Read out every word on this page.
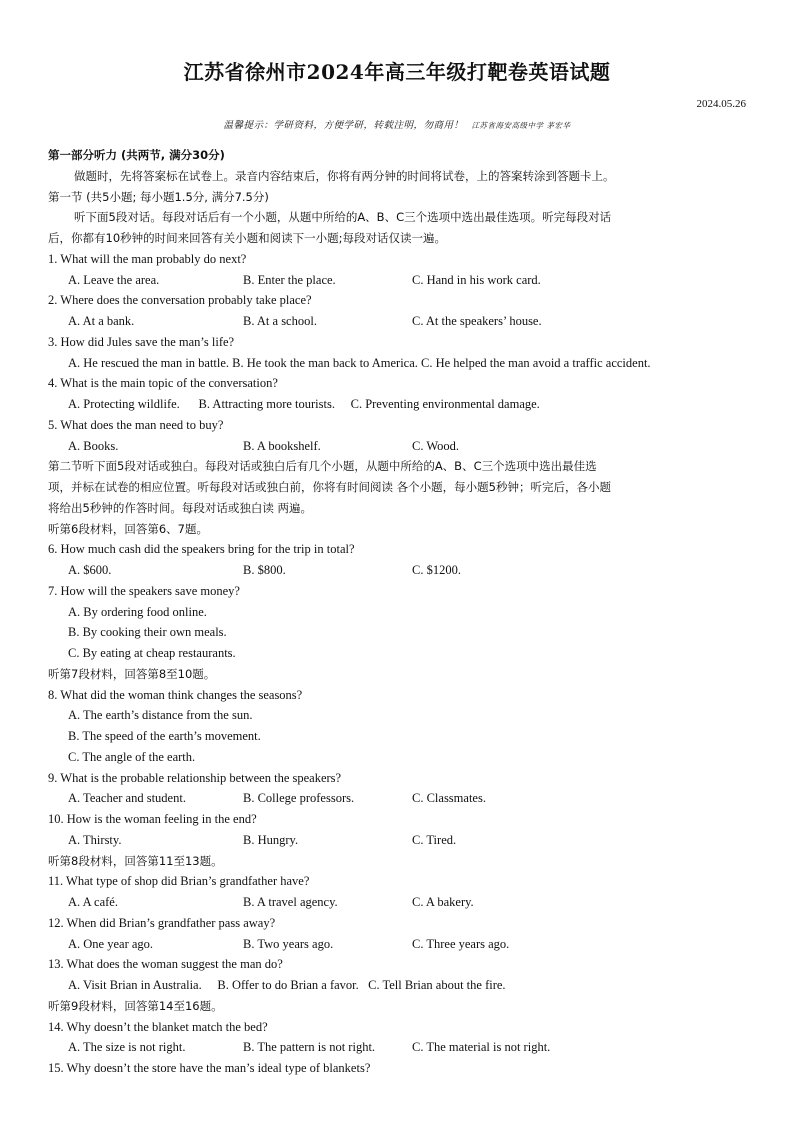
江苏省徐州市2024年高三年级打靶卷英语试题
2024.05.26
温馨提示：学研资料，方便学研，转载注明，勿商用！ 江苏省海安高级中学 茅宏华
第一部分听力 (共两节, 满分30分)
做题时，先将答案标在试卷上。录音内容结束后，你将有两分钟的时间将试卷，上的答案转涂到答题卡上。
第一节 (共5小题; 每小题1.5分, 满分7.5分)
听下面5段对话。每段对话后有一个小题，从题中所给的A、B、C三个选项中选出最佳选项。听完每段对话
后，你都有10秒钟的时间来回答有关小题和阅读下一小题;每段对话仅读一遍。
1. What will the man probably do next?
A. Leave the area.	B. Enter the place.	C. Hand in his work card.
2. Where does the conversation probably take place?
A. At a bank.	B. At a school.	C. At the speakers’ house.
3. How did Jules save the man’s life?
A. He rescued the man in battle. B. He took the man back to America. C. He helped the man avoid a traffic accident.
4. What is the main topic of the conversation?
A. Protecting wildlife.      B. Attracting more tourists.     C. Preventing environmental damage.
5. What does the man need to buy?
A. Books.	B. A bookshelf.	C. Wood.
第二节听下面5段对话或独白。每段对话或独白后有几个小题，从题中所给的A、B、C三个选项中选出最佳选
项，并标在试卷的相应位置。听每段对话或独白前，你将有时间阅读 各个小题，每小题5秒钟；听完后，各小题
将给出5秒钟的作答时间。每段对话或独白读 两遍。
听第6段材料，回答第6、7题。
6. How much cash did the speakers bring for the trip in total?
A. $600.	B. $800.	C. $1200.
7. How will the speakers save money?
A. By ordering food online.
B. By cooking their own meals.
C. By eating at cheap restaurants.
听第7段材料，回答第8至10题。
8. What did the woman think changes the seasons?
A. The earth’s distance from the sun.
B. The speed of the earth’s movement.
C. The angle of the earth.
9. What is the probable relationship between the speakers?
A. Teacher and student.	B. College professors.	C. Classmates.
10. How is the woman feeling in the end?
A. Thirsty.	B. Hungry.	C. Tired.
听第8段材料，回答第11至13题。
11. What type of shop did Brian’s grandfather have?
A. A café.	B. A travel agency.	C. A bakery.
12. When did Brian’s grandfather pass away?
A. One year ago.	B. Two years ago.	C. Three years ago.
13. What does the woman suggest the man do?
A. Visit Brian in Australia.     B. Offer to do Brian a favor.   C. Tell Brian about the fire.
听第9段材料，回答第14至16题。
14. Why doesn’t the blanket match the bed?
A. The size is not right.	B. The pattern is not right.	C. The material is not right.
15. Why doesn’t the store have the man’s ideal type of blankets?
